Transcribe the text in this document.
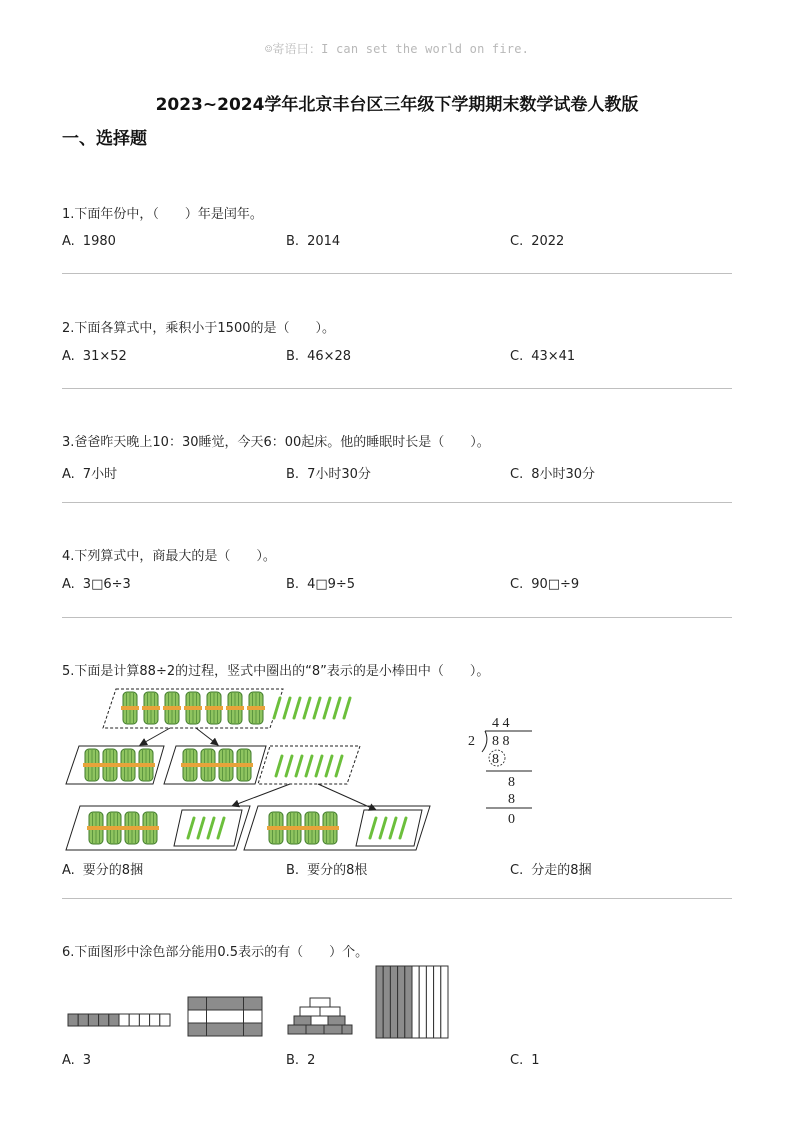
☺寄语曰：I can set the world on fire.
2023~2024学年北京丰台区三年级下学期期末数学试卷人教版
一、选择题
1.下面年份中，（　　）年是闰年。
A. 1980	B. 2014	C. 2022
2.下面各算式中，乘积小于1500的是（　　）。
A. 31×52	B. 46×28	C. 43×41
3.爸爸昨天晚上10：30睡觉，今天6：00起床。他的睡眠时长是（　　）。
A. 7小时	B. 7小时30分	C. 8小时30分
4.下列算式中，商最大的是（　　）。
A. 3□6÷3	B. 4□9÷5	C. 90□÷9
5.下面是计算88÷2的过程，竖式中圈出的“8”表示的是小棒田中（　　）。
4 4
2 8 8
8
8
8
0
A. 要分的8捆	B. 要分的8根	C. 分走的8捆
6.下面图形中涂色部分能用0.5表示的有（　　）个。
A. 3	B. 2	C. 1
